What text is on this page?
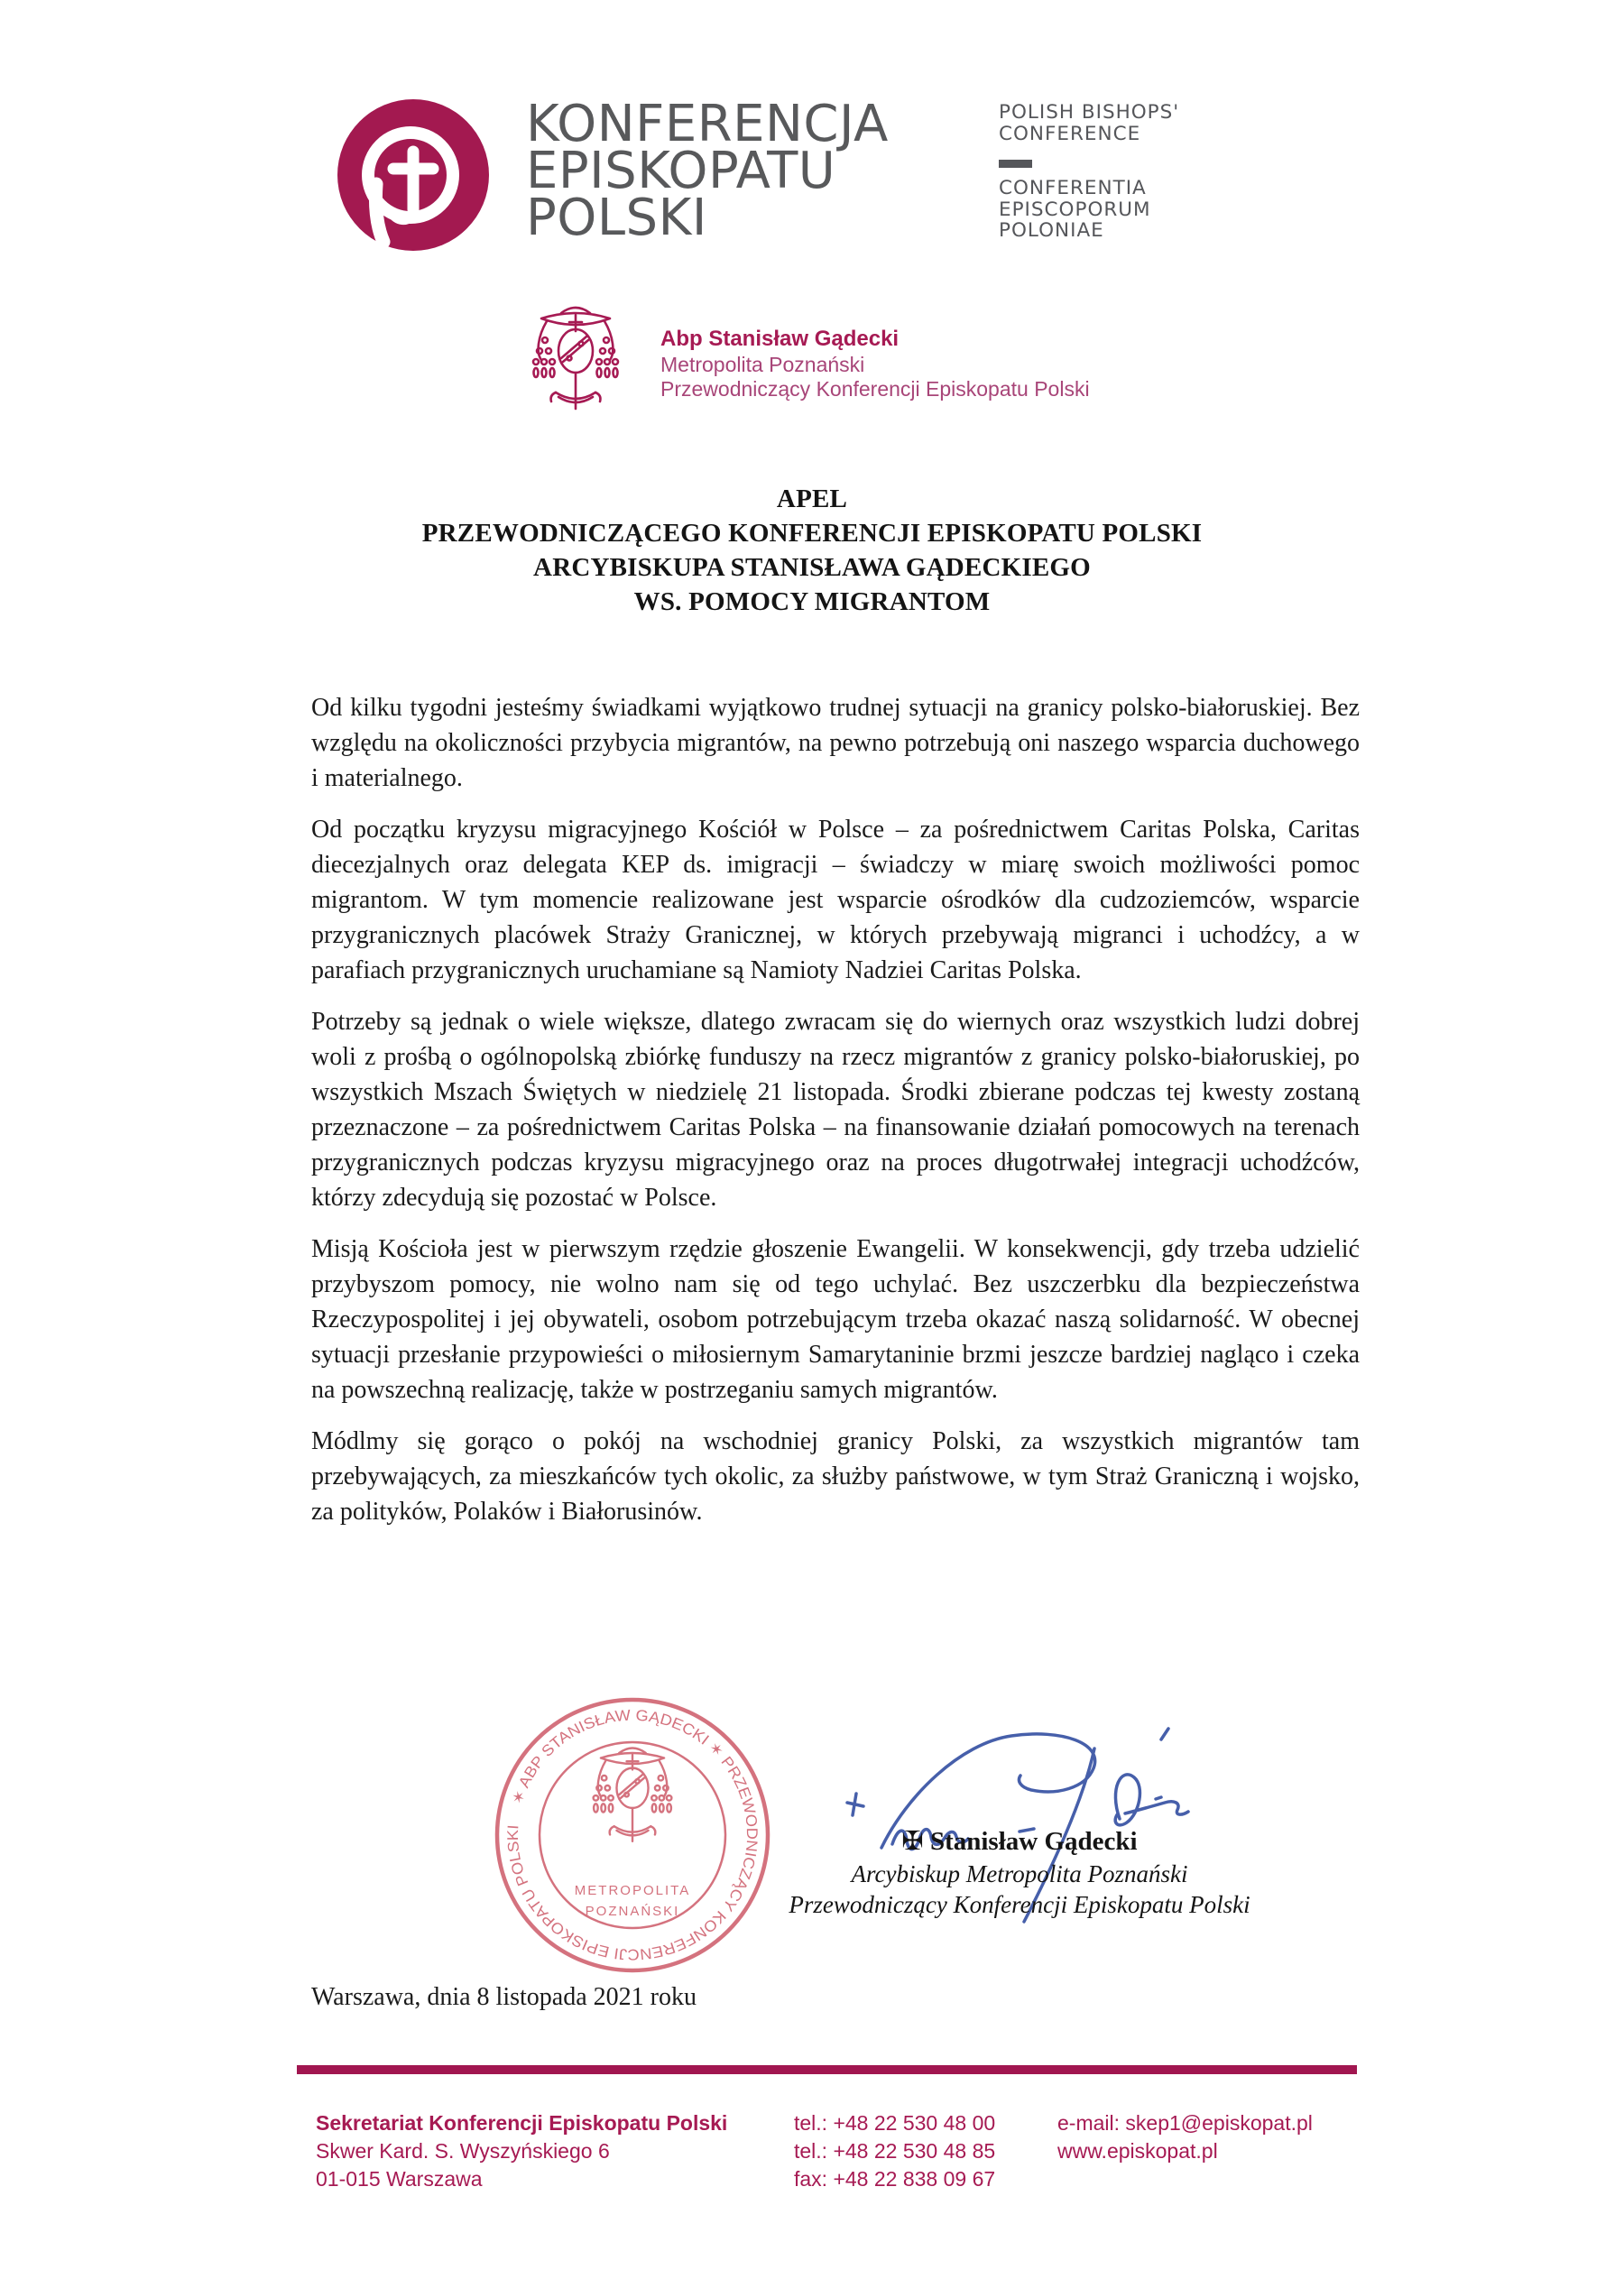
KONFERENCJA
EPISKOPATU
POLSKI
POLISH BISHOPS'
CONFERENCE
CONFERENTIA
EPISCOPORUM
POLONIAE
Abp Stanisław Gądecki
Metropolita Poznański
Przewodniczący Konferencji Episkopatu Polski
APEL
PRZEWODNICZĄCEGO KONFERENCJI EPISKOPATU POLSKI
ARCYBISKUPA STANISŁAWA GĄDECKIEGO
WS. POMOCY MIGRANTOM

Od kilku tygodni jesteśmy świadkami wyjątkowo trudnej sytuacji na granicy polsko-białoruskiej. Bez względu na okoliczności przybycia migrantów, na pewno potrzebują oni naszego wsparcia duchowego i materialnego.

Od początku kryzysu migracyjnego Kościół w Polsce – za pośrednictwem Caritas Polska, Caritas diecezjalnych oraz delegata KEP ds. imigracji – świadczy w miarę swoich możliwości pomoc migrantom. W tym momencie realizowane jest wsparcie ośrodków dla cudzoziemców, wsparcie przygranicznych placówek Straży Granicznej, w których przebywają migranci i uchodźcy, a w parafiach przygranicznych uruchamiane są Namioty Nadziei Caritas Polska.

Potrzeby są jednak o wiele większe, dlatego zwracam się do wiernych oraz wszystkich ludzi dobrej woli z prośbą o ogólnopolską zbiórkę funduszy na rzecz migrantów z granicy polsko-białoruskiej, po wszystkich Mszach Świętych w niedzielę 21 listopada. Środki zbierane podczas tej kwesty zostaną przeznaczone – za pośrednictwem Caritas Polska – na finansowanie działań pomocowych na terenach przygranicznych podczas kryzysu migracyjnego oraz na proces długotrwałej integracji uchodźców, którzy zdecydują się pozostać w Polsce.

Misją Kościoła jest w pierwszym rzędzie głoszenie Ewangelii. W konsekwencji, gdy trzeba udzielić przybyszom pomocy, nie wolno nam się od tego uchylać. Bez uszczerbku dla bezpieczeństwa Rzeczypospolitej i jej obywateli, osobom potrzebującym trzeba okazać naszą solidarność. W obecnej sytuacji przesłanie przypowieści o miłosiernym Samarytaninie brzmi jeszcze bardziej nagląco i czeka na powszechną realizację, także w postrzeganiu samych migrantów.

Módlmy się gorąco o pokój na wschodniej granicy Polski, za wszystkich migrantów tam przebywających, za mieszkańców tych okolic, za służby państwowe, w tym Straż Graniczną i wojsko, za polityków, Polaków i Białorusinów.

✶ ABP STANISŁAW GĄDECKI ✶ PRZEWODNICZĄCY KONFERENCJI EPISKOPATU POLSKI
METROPOLITA
POZNAŃSKI
✠ Stanisław Gądecki
Arcybiskup Metropolita Poznański
Przewodniczący Konferencji Episkopatu Polski
Warszawa, dnia 8 listopada 2021 roku
Sekretariat Konferencji Episkopatu Polski
Skwer Kard. S. Wyszyńskiego 6
01-015 Warszawa
tel.: +48 22 530 48 00
tel.: +48 22 530 48 85
fax: +48 22 838 09 67
e-mail: skep1@episkopat.pl
www.episkopat.pl
